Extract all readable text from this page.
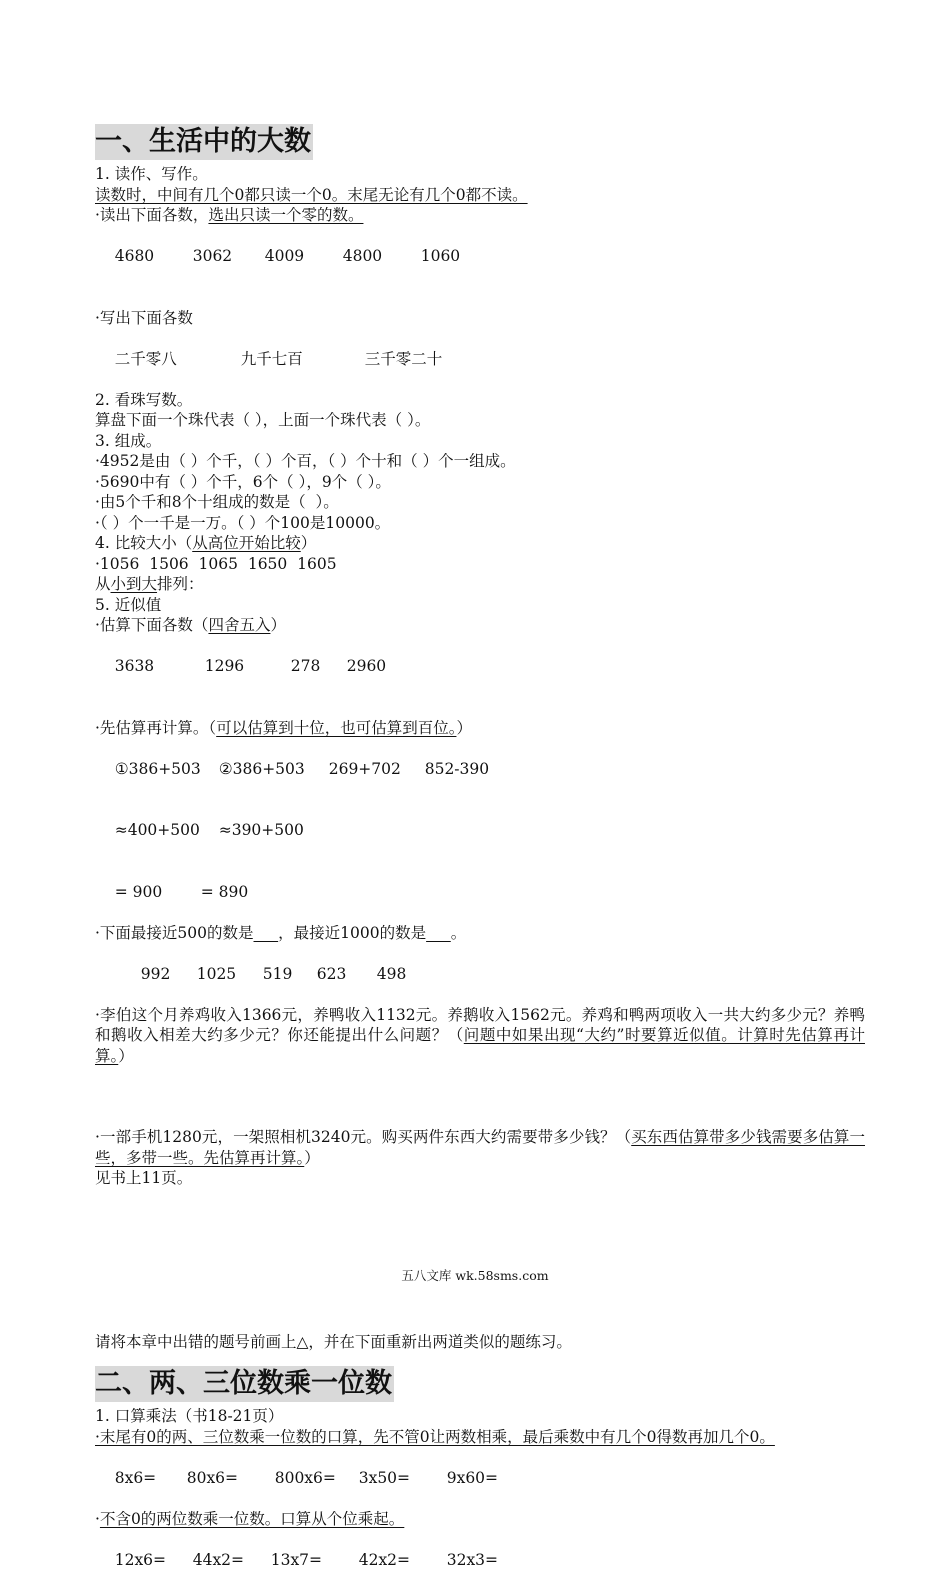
一、生活中的大数
1. 读作、写作。
读数时，中间有几个0都只读一个0。末尾无论有几个0都不读。
·读出下面各数，选出只读一个零的数。

4680 3062 4009 4800 1060

·写出下面各数

二千零八	九千七百	三千零二十

2. 看珠写数。
算盘下面一个珠代表（ ），上面一个珠代表（ ）。
3. 组成。
·4952是由（ ）个千，（ ）个百，（ ）个十和（ ）个一组成。
·5690中有（ ）个千，6个（ ），9个（ ）。
·由5个千和8个十组成的数是（  ）。
·（ ）个一千是一万。（ ）个100是10000。
4. 比较大小（从高位开始比较）
·1056  1506  1065  1650  1605
从小到大排列：
5. 近似值
·估算下面各数（四舍五入）

3638	1296	278 2960

·先估算再计算。（可以估算到十位，也可估算到百位。）

①386+503 ②386+503 269+702 852-390

≈400+500 ≈390+500

= 900 = 890

·下面最接近500的数是 ，最接近1000的数是 。

992 1025 519 623 498

·李伯这个月养鸡收入1366元，养鸭收入1132元。养鹅收入1562元。养鸡和鸭两项收入一共大约多少元？养鸭和鹅收入相差大约多少元？你还能提出什么问题？（问题中如果出现“大约”时要算近似值。计算时先估算再计算。）
·一部手机1280元，一架照相机3240元。购买两件东西大约需要带多少钱？（买东西估算带多少钱需要多估算一些，多带一些。先估算再计算。）
见书上11页。
请将本章中出错的题号前画上△，并在下面重新出两道类似的题练习。
二、两、三位数乘一位数
1. 口算乘法（书18-21页）
·末尾有0的两、三位数乘一位数的口算，先不管0让两数相乘，最后乘数中有几个0得数再加几个0。

8x6= 80x6= 800x6= 3x50= 9x60=

·不含0的两位数乘一位数。口算从个位乘起。

12x6= 44x2= 13x7= 42x2= 32x3=

五八文库 wk.58sms.com
